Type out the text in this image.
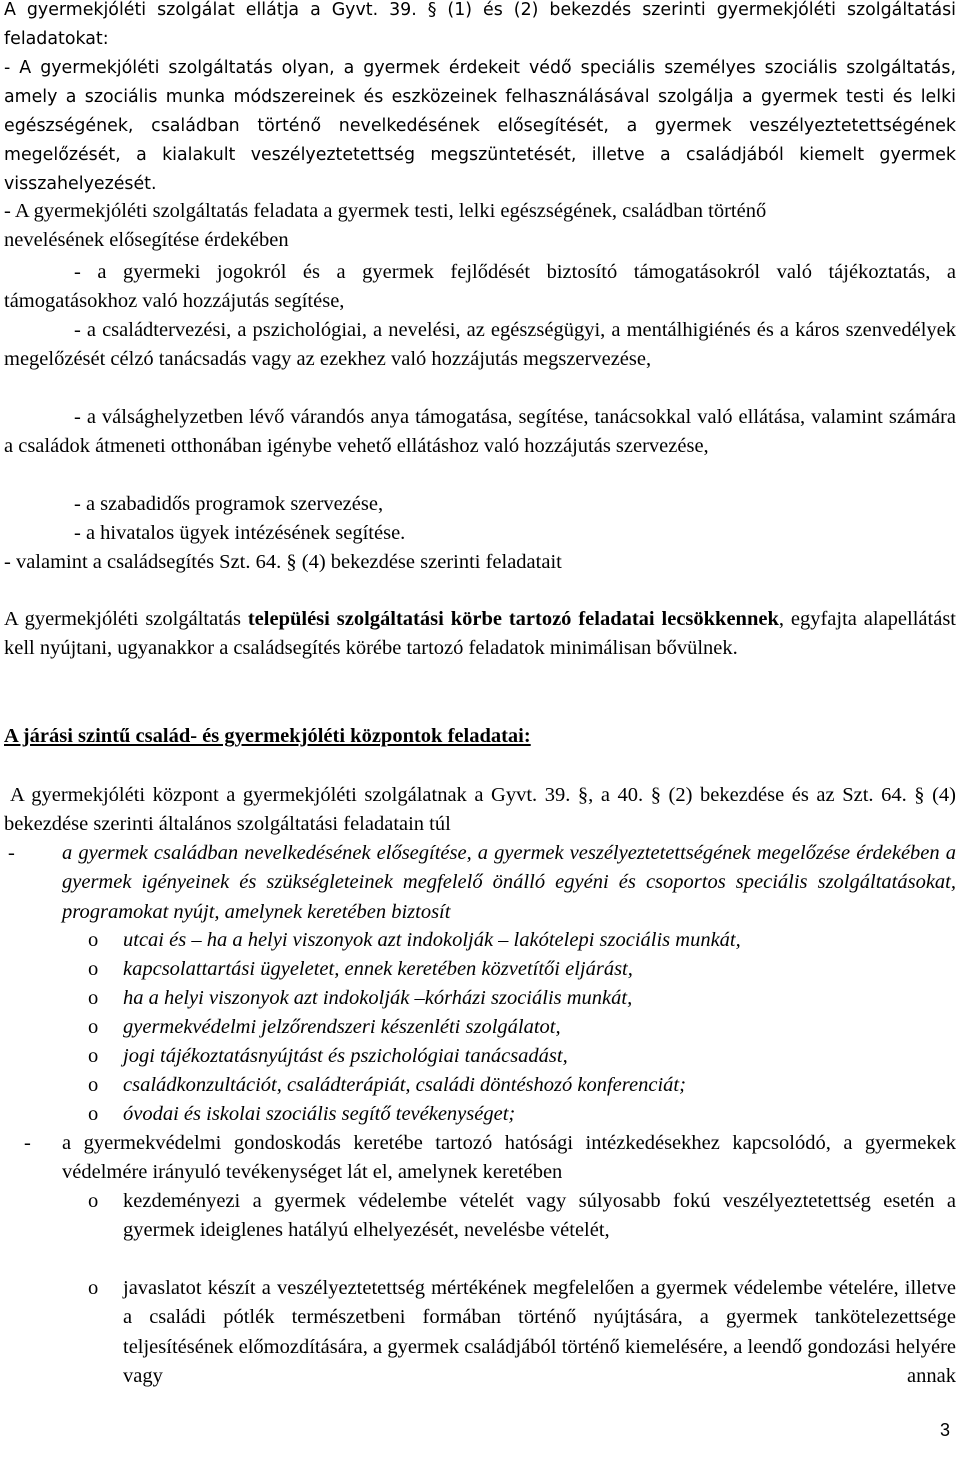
A gyermekjóléti szolgálat ellátja a Gyvt. 39. § (1) és (2) bekezdés szerinti gyermekjóléti szolgáltatási feladatokat:

- A gyermekjóléti szolgáltatás olyan, a gyermek érdekeit védő speciális személyes szociális szolgáltatás, amely a szociális munka módszereinek és eszközeinek felhasználásával szolgálja a gyermek testi és lelki egészségének, családban történő nevelkedésének elősegítését, a gyermek veszélyeztetettségének megelőzését, a kialakult veszélyeztetettség megszüntetését, illetve a családjából kiemelt gyermek visszahelyezését.

- A gyermekjóléti szolgáltatás feladata a gyermek testi, lelki egészségének, családban történő
nevelésének elősegítése érdekében

- a gyermeki jogokról és a gyermek fejlődését biztosító támogatásokról való tájékoztatás, a támogatásokhoz való hozzájutás segítése,

- a családtervezési, a pszichológiai, a nevelési, az egészségügyi, a mentálhigiénés és a káros szenvedélyek megelőzését célzó tanácsadás vagy az ezekhez való hozzájutás megszervezése,

- a válsághelyzetben lévő várandós anya támogatása, segítése, tanácsokkal való ellátása, valamint számára a családok átmeneti otthonában igénybe vehető ellátáshoz való hozzájutás szervezése,

- a szabadidős programok szervezése,
- a hivatalos ügyek intézésének segítése.
- valamint a családsegítés Szt. 64. § (4) bekezdése szerinti feladatait

A gyermekjóléti szolgáltatás települési szolgáltatási körbe tartozó feladatai lecsökkennek, egyfajta alapellátást kell nyújtani, ugyanakkor a családsegítés körébe tartozó feladatok minimálisan bővülnek.

A járási szintű család- és gyermekjóléti központok feladatai:

A gyermekjóléti központ a gyermekjóléti szolgálatnak a Gyvt. 39. §, a 40. § (2) bekezdése és az Szt. 64. § (4) bekezdése szerinti általános szolgáltatási feladatain túl

- a gyermek családban nevelkedésének elősegítése, a gyermek veszélyeztetettségének megelőzése érdekében a gyermek igényeinek és szükségleteinek megfelelő önálló egyéni és csoportos speciális szolgáltatásokat, programokat nyújt, amelynek keretében biztosít
o utcai és – ha a helyi viszonyok azt indokolják – lakótelepi szociális munkát,
o kapcsolattartási ügyeletet, ennek keretében közvetítői eljárást,
o ha a helyi viszonyok azt indokolják –kórházi szociális munkát,
o gyermekvédelmi jelzőrendszeri készenléti szolgálatot,
o jogi tájékoztatásnyújtást és pszichológiai tanácsadást,
o családkonzultációt, családterápiát, családi döntéshozó konferenciát;
o óvodai és iskolai szociális segítő tevékenységet;
- a gyermekvédelmi gondoskodás keretébe tartozó hatósági intézkedésekhez kapcsolódó, a gyermekek védelmére irányuló tevékenységet lát el, amelynek keretében
o kezdeményezi a gyermek védelembe vételét vagy súlyosabb fokú veszélyeztetettség esetén a gyermek ideiglenes hatályú elhelyezését, nevelésbe vételét,
o javaslatot készít a veszélyeztetettség mértékének megfelelően a gyermek védelembe vételére, illetve a családi pótlék természetbeni formában történő nyújtására, a gyermek tankötelezettsége teljesítésének előmozdítására, a gyermek családjából történő kiemelésére, a leendő gondozási helyére vagy annak
3
